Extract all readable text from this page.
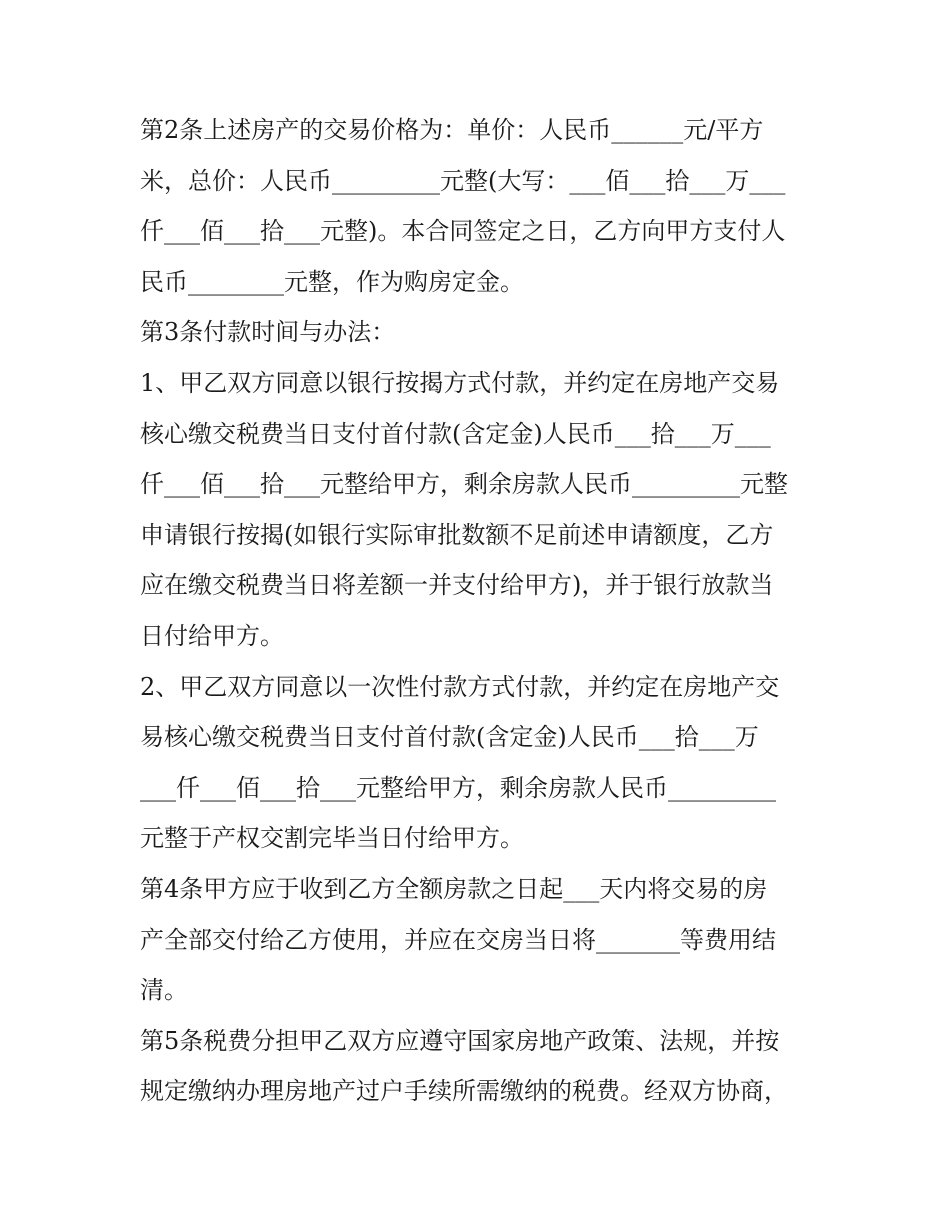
第2条上述房产的交易价格为：单价：人民币______元/平方
米，总价：人民币_________元整(大写：___佰___拾___万___
仟___佰___拾___元整)。本合同签定之日，乙方向甲方支付人
民币________元整，作为购房定金。

第3条付款时间与办法：

1、甲乙双方同意以银行按揭方式付款，并约定在房地产交易
核心缴交税费当日支付首付款(含定金)人民币___拾___万___
仟___佰___拾___元整给甲方，剩余房款人民币_________元整
申请银行按揭(如银行实际审批数额不足前述申请额度，乙方
应在缴交税费当日将差额一并支付给甲方)，并于银行放款当
日付给甲方。

2、甲乙双方同意以一次性付款方式付款，并约定在房地产交
易核心缴交税费当日支付首付款(含定金)人民币___拾___万
___仟___佰___拾___元整给甲方，剩余房款人民币_________
元整于产权交割完毕当日付给甲方。

第4条甲方应于收到乙方全额房款之日起___天内将交易的房
产全部交付给乙方使用，并应在交房当日将_______等费用结
清。

第5条税费分担甲乙双方应遵守国家房地产政策、法规，并按
规定缴纳办理房地产过户手续所需缴纳的税费。经双方协商，
